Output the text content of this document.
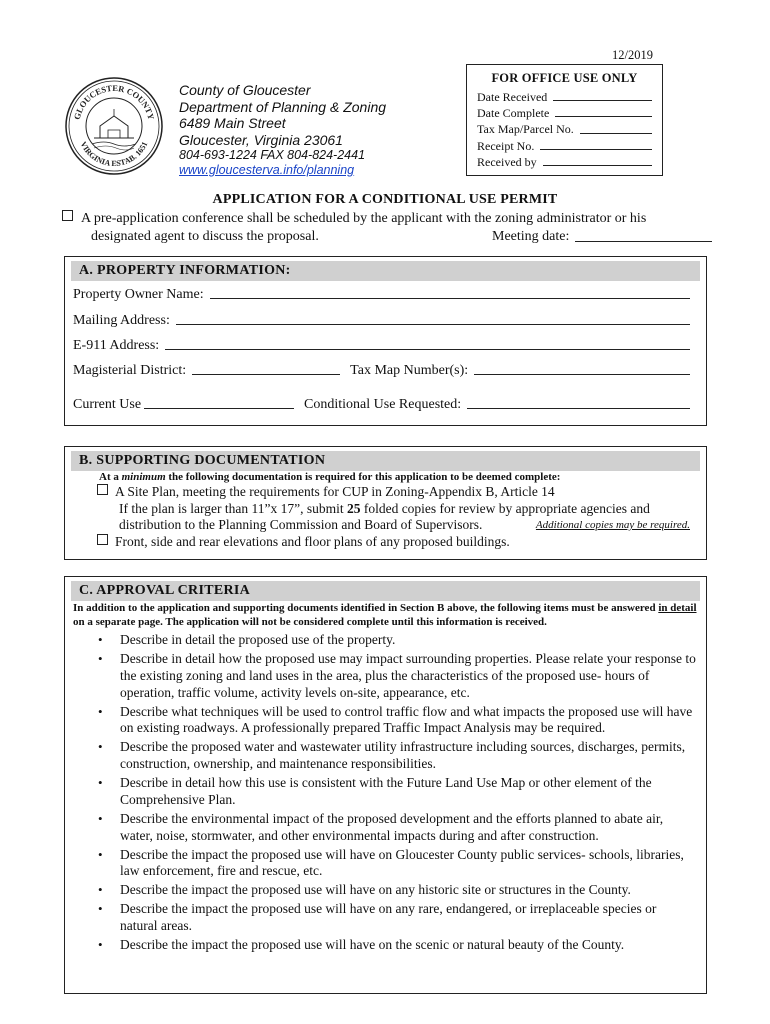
12/2019
GLOUCESTER COUNTY
VIRGINIA ESTAB. 1651
County of Gloucester
Department of Planning & Zoning
6489 Main Street
Gloucester, Virginia 23061
804-693-1224 FAX 804-824-2441
www.gloucesterva.info/planning
FOR OFFICE USE ONLY
Date Received
Date Complete
Tax Map/Parcel No.
Receipt No.
Received by
APPLICATION FOR A CONDITIONAL USE PERMIT
A pre-application conference shall be scheduled by the applicant with the zoning administrator or his
designated agent to discuss the proposal.	Meeting date:
A. PROPERTY INFORMATION:
Property Owner Name:
Mailing Address:
E-911 Address:
Magisterial District:	Tax Map Number(s):
Current Use	Conditional Use Requested:
B. SUPPORTING DOCUMENTATION
At a minimum the following documentation is required for this application to be deemed complete:
A Site Plan, meeting the requirements for CUP in Zoning-Appendix B, Article 14
If the plan is larger than 11”x 17”, submit 25 folded copies for review by appropriate agencies and
distribution to the Planning Commission and Board of Supervisors.	Additional copies may be required.
Front, side and rear elevations and floor plans of any proposed buildings.
C. APPROVAL CRITERIA
In addition to the application and supporting documents identified in Section B above, the following items must be answered in detail on a separate page. The application will not be considered complete until this information is received.
• Describe in detail the proposed use of the property.
• Describe in detail how the proposed use may impact surrounding properties. Please relate your response to the existing zoning and land uses in the area, plus the characteristics of the proposed use- hours of operation, traffic volume, activity levels on-site, appearance, etc.
• Describe what techniques will be used to control traffic flow and what impacts the proposed use will have on existing roadways. A professionally prepared Traffic Impact Analysis may be required.
• Describe the proposed water and wastewater utility infrastructure including sources, discharges, permits, construction, ownership, and maintenance responsibilities.
• Describe in detail how this use is consistent with the Future Land Use Map or other element of the Comprehensive Plan.
• Describe the environmental impact of the proposed development and the efforts planned to abate air, water, noise, stormwater, and other environmental impacts during and after construction.
• Describe the impact the proposed use will have on Gloucester County public services- schools, libraries, law enforcement, fire and rescue, etc.
• Describe the impact the proposed use will have on any historic site or structures in the County.
• Describe the impact the proposed use will have on any rare, endangered, or irreplaceable species or natural areas.
• Describe the impact the proposed use will have on the scenic or natural beauty of the County.
